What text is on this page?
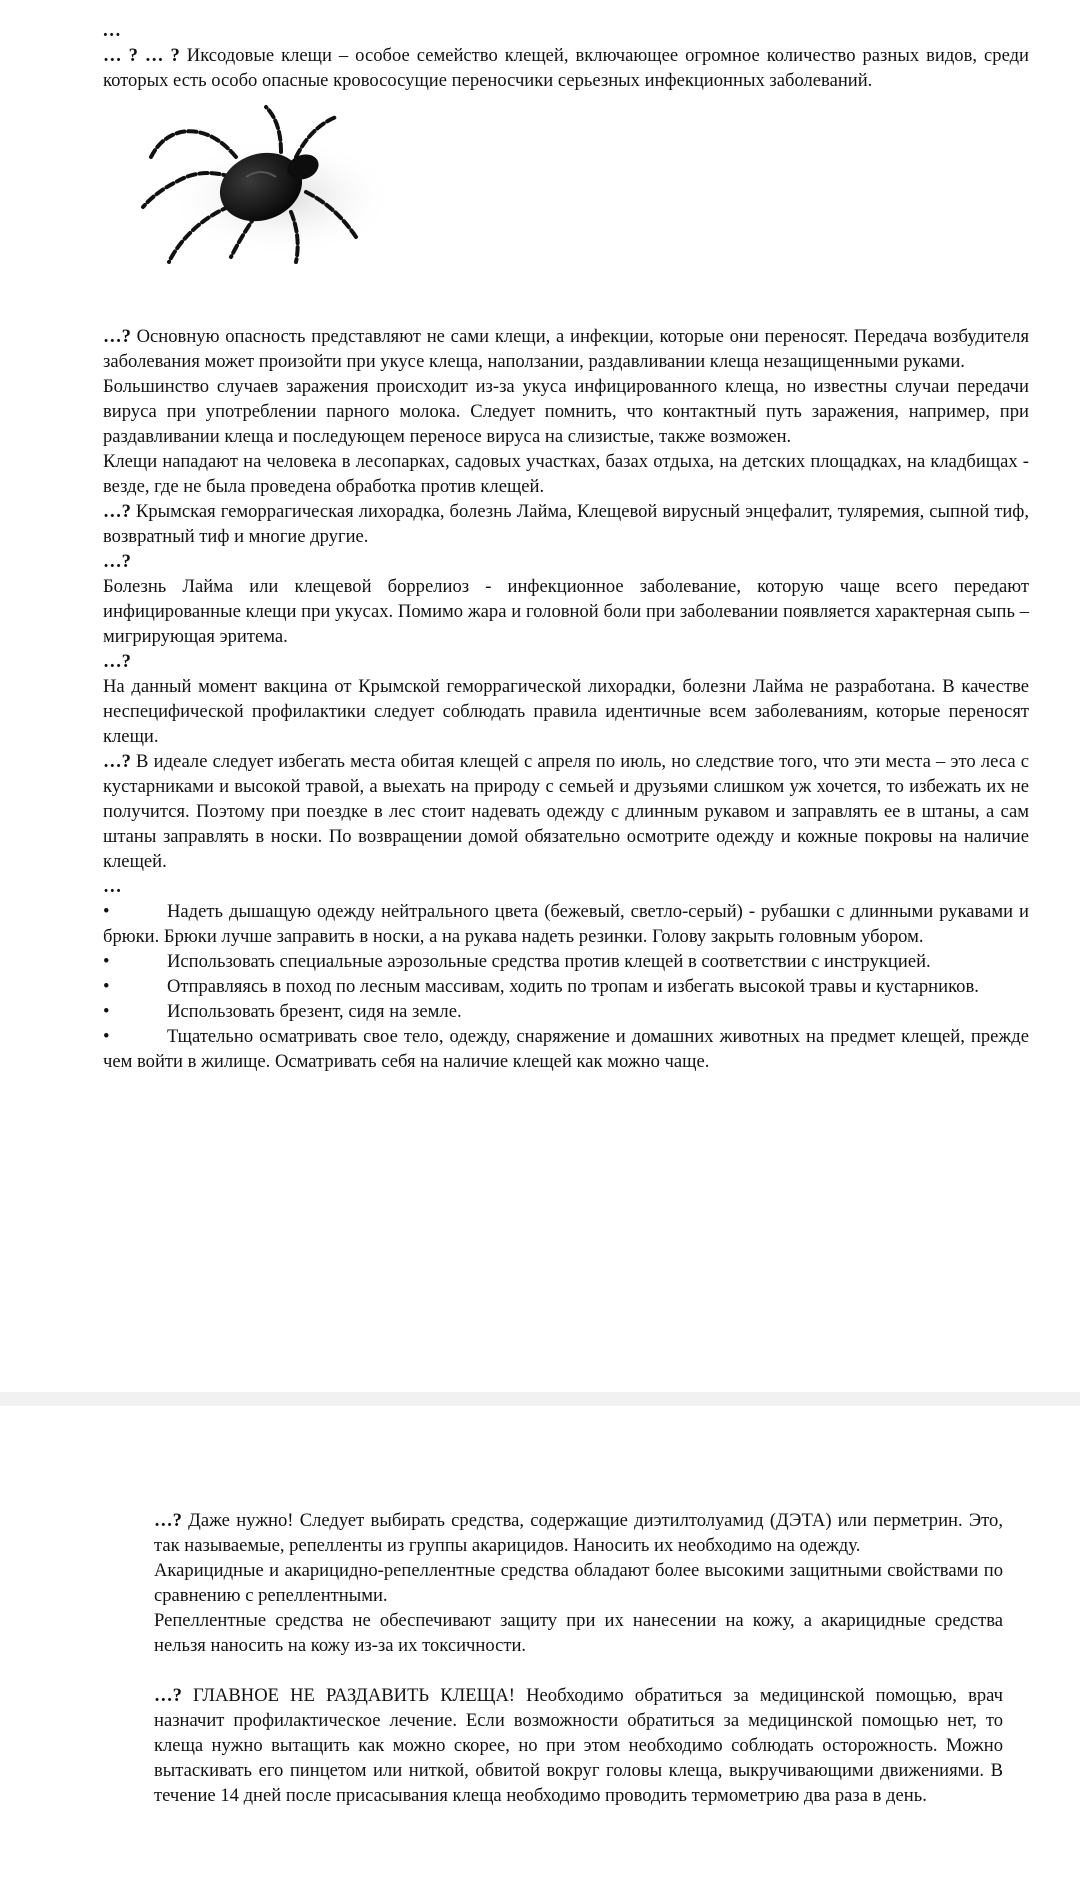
…

… ? … ? Иксодовые клещи – особое семейство клещей, включающее огромное количество разных видов, среди которых есть особо опасные кровососущие переносчики серьезных инфекционных заболеваний.

…? Основную опасность представляют не сами клещи, а инфекции, которые они переносят. Передача возбудителя заболевания может произойти при укусе клеща, наползании, раздавливании клеща незащищенными руками.

Большинство случаев заражения происходит из-за укуса инфицированного клеща, но известны случаи передачи вируса при употреблении парного молока. Следует помнить, что контактный путь заражения, например, при раздавливании клеща и последующем переносе вируса на слизистые, также возможен.

Клещи нападают на человека в лесопарках, садовых участках, базах отдыха, на детских площадках, на кладбищах - везде, где не была проведена обработка против клещей.

…? Крымская геморрагическая лихорадка, болезнь Лайма, Клещевой вирусный энцефалит, туляремия, сыпной тиф, возвратный тиф и многие другие.

…?

Болезнь Лайма или клещевой боррелиоз - инфекционное заболевание, которую чаще всего передают инфицированные клещи при укусах. Помимо жара и головной боли при заболевании появляется характерная сыпь – мигрирующая эритема.

…?

На данный момент вакцина от Крымской геморрагической лихорадки, болезни Лайма не разработана. В качестве неспецифической профилактики следует соблюдать правила идентичные всем заболеваниям, которые переносят клещи.

…? В идеале следует избегать места обитая клещей с апреля по июль, но следствие того, что эти места – это леса с кустарниками и высокой травой, а выехать на природу с семьей и друзьями слишком уж хочется, то избежать их не получится. Поэтому при поездке в лес стоит надевать одежду с длинным рукавом и заправлять ее в штаны, а сам штаны заправлять в носки. По возвращении домой обязательно осмотрите одежду и кожные покровы на наличие клещей.

…

•	Надеть дышащую одежду нейтрального цвета (бежевый, светло-серый) - рубашки с длинными рукавами и брюки. Брюки лучше заправить в носки, а на рукава надеть резинки. Голову закрыть головным убором.

•	Использовать специальные аэрозольные средства против клещей в соответствии с инструкцией.

•	Отправляясь в поход по лесным массивам, ходить по тропам и избегать высокой травы и кустарников.

•	Использовать брезент, сидя на земле.

•	Тщательно осматривать свое тело, одежду, снаряжение и домашних животных на предмет клещей, прежде чем войти в жилище. Осматривать себя на наличие клещей как можно чаще.

…? Даже нужно! Следует выбирать средства, содержащие диэтилтолуамид (ДЭТА) или перметрин. Это, так называемые, репелленты из группы акарицидов. Наносить их необходимо на одежду.

Акарицидные и акарицидно-репеллентные средства обладают более высокими защитными свойствами по сравнению с репеллентными.

Репеллентные средства не обеспечивают защиту при их нанесении на кожу, а акарицидные средства нельзя наносить на кожу из-за их токсичности.

…? ГЛАВНОЕ НЕ РАЗДАВИТЬ КЛЕЩА! Необходимо обратиться за медицинской помощью, врач назначит профилактическое лечение. Если возможности обратиться за медицинской помощью нет, то клеща нужно вытащить как можно скорее, но при этом необходимо соблюдать осторожность. Можно вытаскивать его пинцетом или ниткой, обвитой вокруг головы клеща, выкручивающими движениями. В течение 14 дней после присасывания клеща необходимо проводить термометрию два раза в день.
